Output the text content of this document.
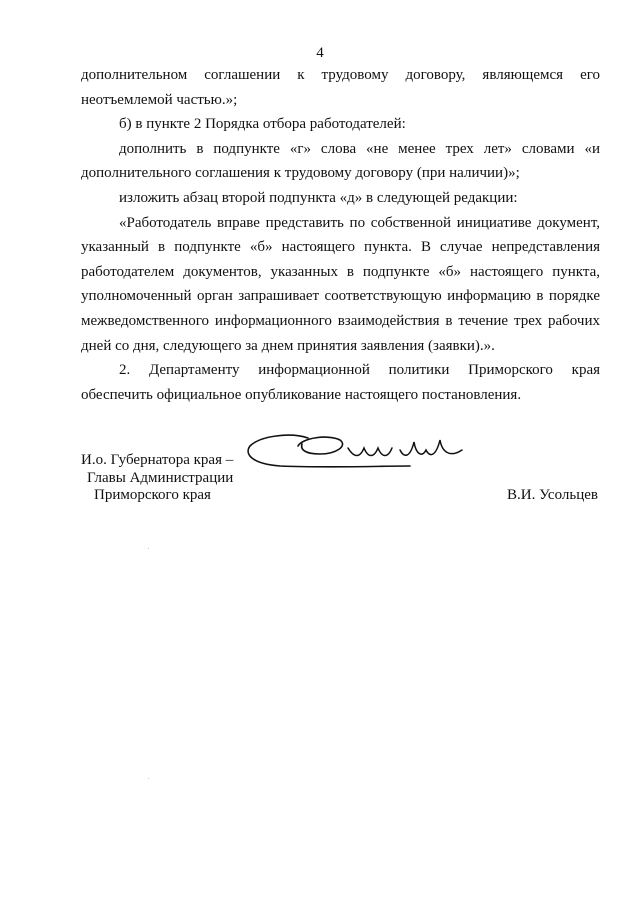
4

дополнительном соглашении к трудовому договору, являющемся его неотъемлемой частью.»;

б) в пункте 2 Порядка отбора работодателей:

дополнить в подпункте «г» слова «не менее трех лет» словами «и дополнительного соглашения к трудовому договору (при наличии)»;

изложить абзац второй подпункта «д» в следующей редакции:

«Работодатель вправе представить по собственной инициативе документ, указанный в подпункте «б» настоящего пункта. В случае непредставления работодателем документов, указанных в подпункте «б» настоящего пункта, уполномоченный орган запрашивает соответствующую информацию в порядке межведомственного информационного взаимодействия в течение трех рабочих дней со дня, следующего за днем принятия заявления (заявки).».

2. Департаменту информационной политики Приморского края обеспечить официальное опубликование настоящего постановления.

И.о. Губернатора края –
Главы Администрации
Приморского края	В.И. Усольцев
